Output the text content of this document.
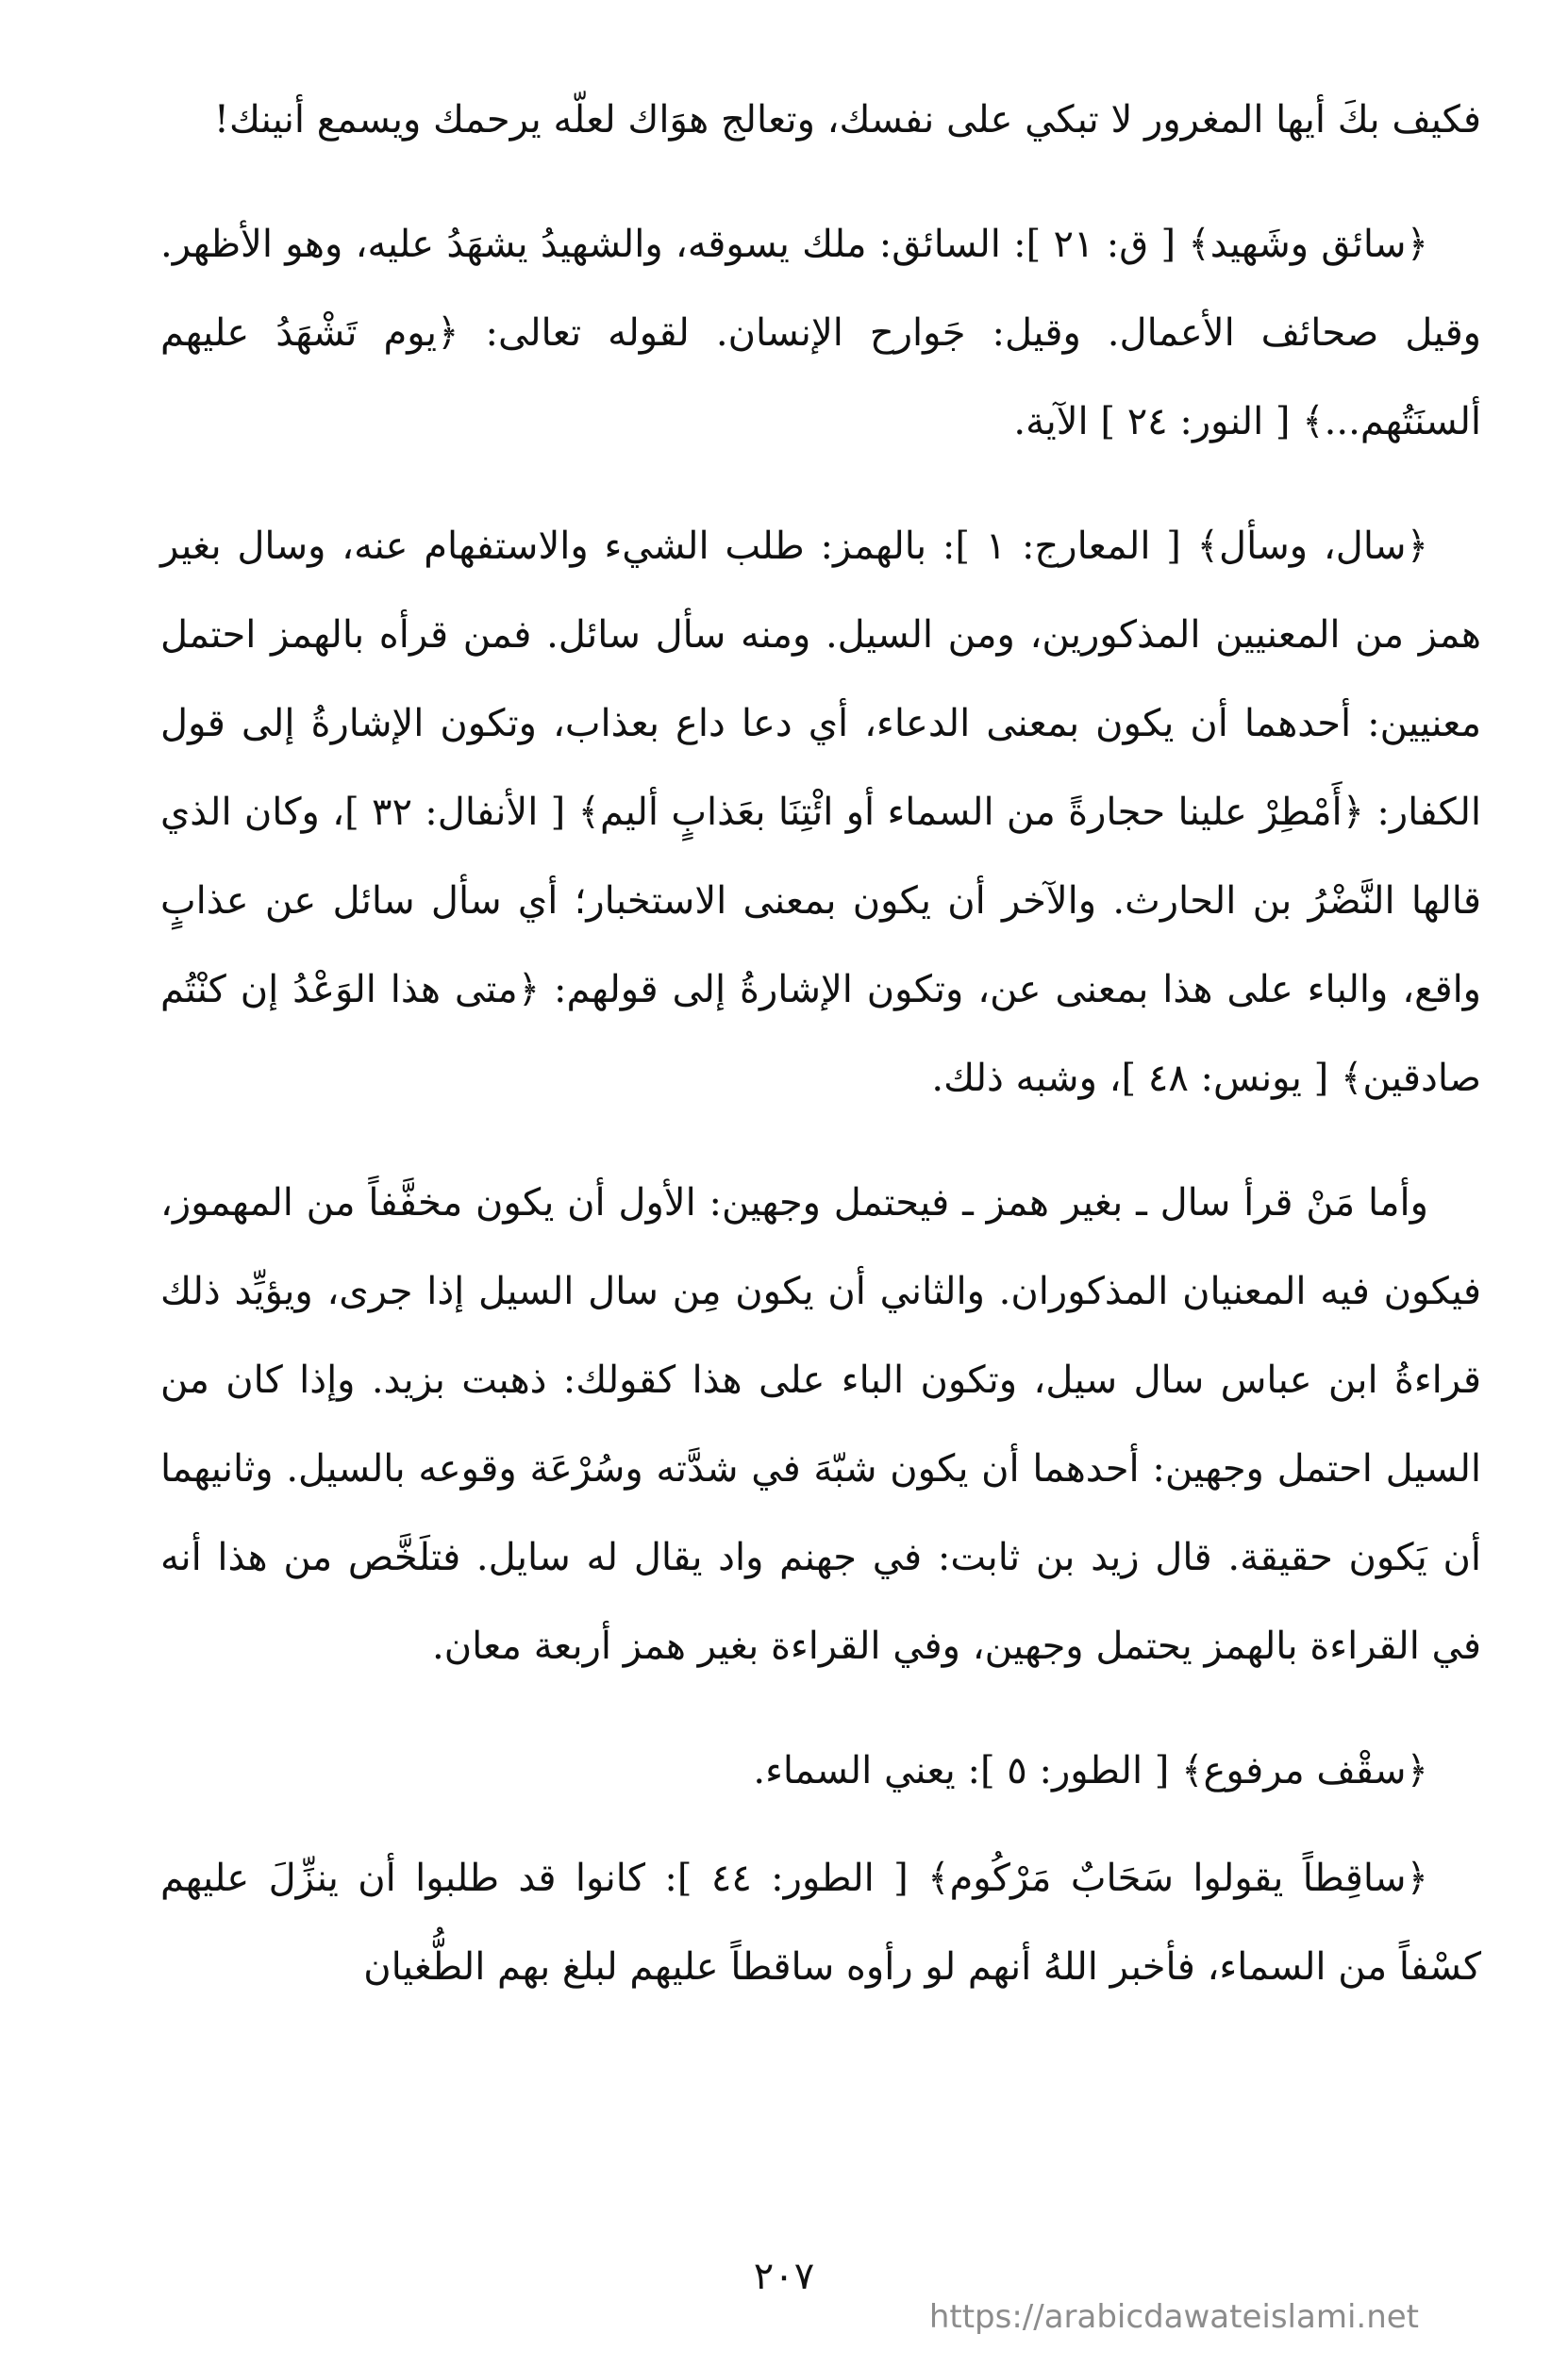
فكيف بكَ أيها المغرور لا تبكي على نفسك، وتعالج هوَاك لعلّه يرحمك ويسمع أنينك!

﴿سائق وشَهيد﴾ [ ق: ٢١ ]: السائق: ملك يسوقه، والشهيدُ يشهَدُ عليه، وهو الأظهر. وقيل صحائف الأعمال. وقيل: جَوارح الإنسان. لقوله تعالى: ﴿يوم تَشْهَدُ عليهم ألسنَتُهم...﴾ [ النور: ٢٤ ] الآية.

﴿سال، وسأل﴾ [ المعارج: ١ ]: بالهمز: طلب الشيء والاستفهام عنه، وسال بغير همز من المعنيين المذكورين، ومن السيل. ومنه سأل سائل. فمن قرأه بالهمز احتمل معنيين: أحدهما أن يكون بمعنى الدعاء، أي دعا داع بعذاب، وتكون الإشارةُ إلى قول الكفار: ﴿أَمْطِرْ علينا حجارةً من السماء أو ائْتِنَا بعَذابٍ أليم﴾ [ الأنفال: ٣٢ ]، وكان الذي قالها النَّضْرُ بن الحارث. والآخر أن يكون بمعنى الاستخبار؛ أي سأل سائل عن عذابٍ واقع، والباء على هذا بمعنى عن، وتكون الإشارةُ إلى قولهم: ﴿متى هذا الوَعْدُ إن كنْتُم صادقين﴾ [ يونس: ٤٨ ]، وشبه ذلك.

وأما مَنْ قرأ سال ـ بغير همز ـ فيحتمل وجهين: الأول أن يكون مخفَّفاً من المهموز، فيكون فيه المعنيان المذكوران. والثاني أن يكون مِن سال السيل إذا جرى، ويؤيِّد ذلك قراءةُ ابن عباس سال سيل، وتكون الباء على هذا كقولك: ذهبت بزيد. وإذا كان من السيل احتمل وجهين: أحدهما أن يكون شبّهَ في شدَّته وسُرْعَة وقوعه بالسيل. وثانيهما أن يَكون حقيقة. قال زيد بن ثابت: في جهنم واد يقال له سايل. فتلَخَّص من هذا أنه في القراءة بالهمز يحتمل وجهين، وفي القراءة بغير همز أربعة معان.

﴿سقْف مرفوع﴾ [ الطور: ٥ ]: يعني السماء.

﴿ساقِطاً يقولوا سَحَابٌ مَرْكُوم﴾ [ الطور: ٤٤ ]: كانوا قد طلبوا أن ينزِّلَ عليهم كسْفاً من السماء، فأخبر اللهُ أنهم لو رأوه ساقطاً عليهم لبلغ بهم الطُّغيان

٢٠٧
https://arabicdawateislami.net
